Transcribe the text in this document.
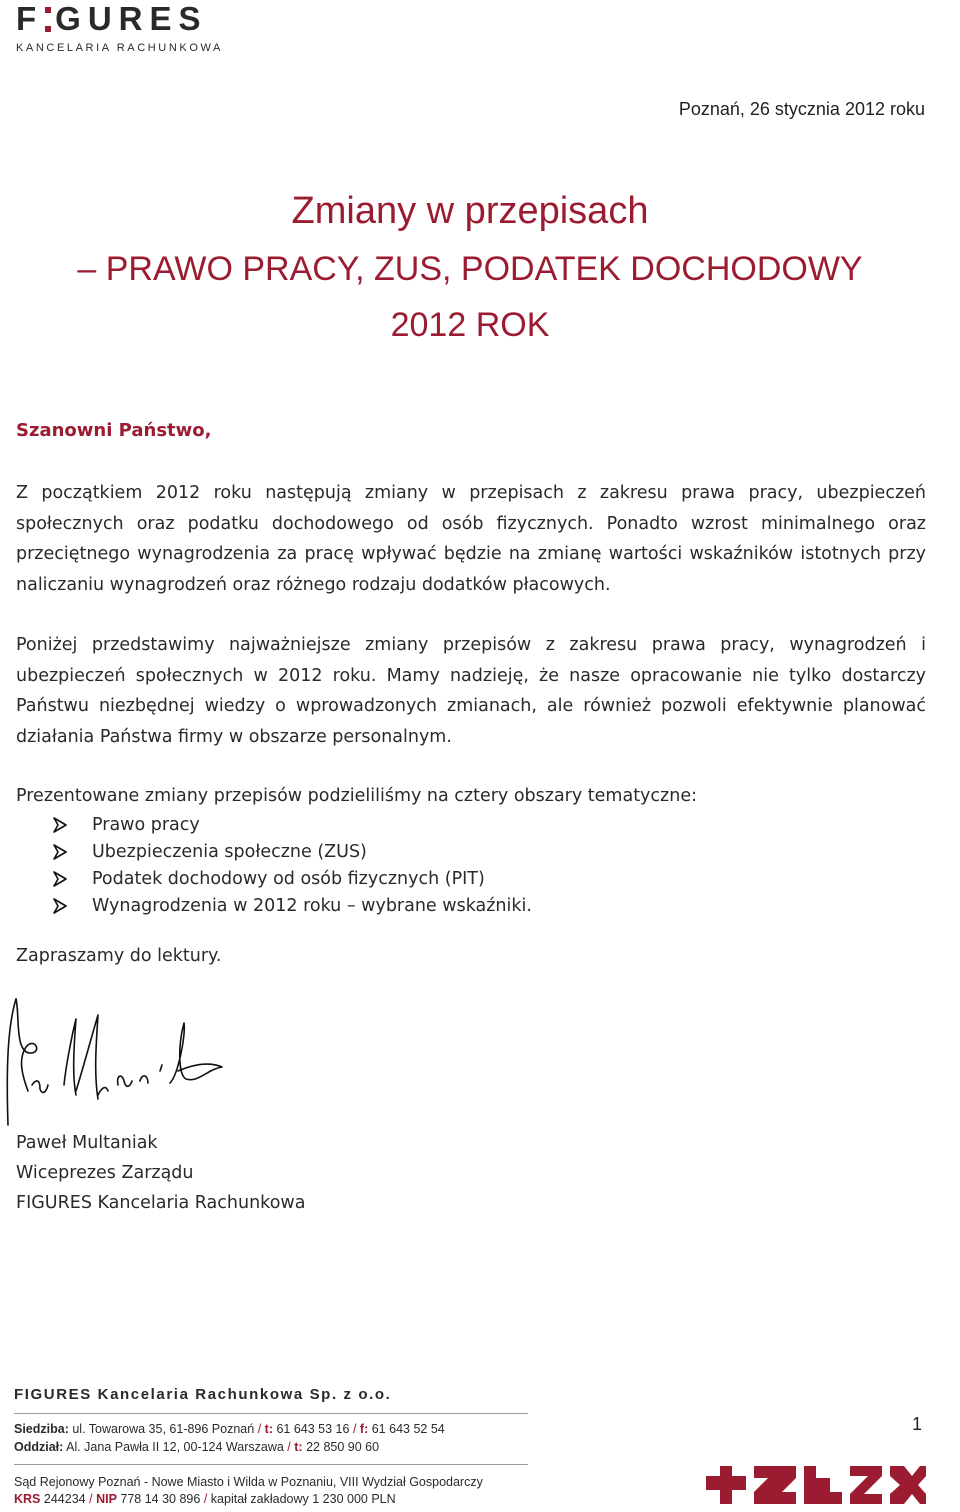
F GURES
KANCELARIA RACHUNKOWA
Poznań, 26 stycznia 2012 roku
Zmiany w przepisach
– PRAWO PRACY, ZUS, PODATEK DOCHODOWY
2012 ROK
Szanowni Państwo,
Z początkiem 2012 roku następują zmiany w przepisach z zakresu prawa pracy, ubezpieczeń społecznych oraz podatku dochodowego od osób fizycznych. Ponadto wzrost minimalnego oraz przeciętnego wynagrodzenia za pracę wpływać będzie na zmianę wartości wskaźników istotnych przy naliczaniu wynagrodzeń oraz różnego rodzaju dodatków płacowych.
Poniżej przedstawimy najważniejsze zmiany przepisów z zakresu prawa pracy, wynagrodzeń i ubezpieczeń społecznych w 2012 roku. Mamy nadzieję, że nasze opracowanie nie tylko dostarczy Państwu niezbędnej wiedzy o wprowadzonych zmianach, ale również pozwoli efektywnie planować działania Państwa firmy w obszarze personalnym.
Prezentowane zmiany przepisów podzieliliśmy na cztery obszary tematyczne:
Prawo pracy
Ubezpieczenia społeczne (ZUS)
Podatek dochodowy od osób fizycznych (PIT)
Wynagrodzenia w 2012 roku – wybrane wskaźniki.
Zapraszamy do lektury.
Paweł Multaniak
Wiceprezes Zarządu
FIGURES Kancelaria Rachunkowa
FIGURES Kancelaria Rachunkowa Sp. z o.o.
Siedziba: ul. Towarowa 35, 61-896 Poznań / t: 61 643 53 16 / f: 61 643 52 54
Oddział: Al. Jana Pawła II 12, 00-124 Warszawa / t: 22 850 90 60
Sąd Rejonowy Poznań - Nowe Miasto i Wilda w Poznaniu, VIII Wydział Gospodarczy
KRS 244234 / NIP 778 14 30 896 / kapitał zakładowy 1 230 000 PLN
1
